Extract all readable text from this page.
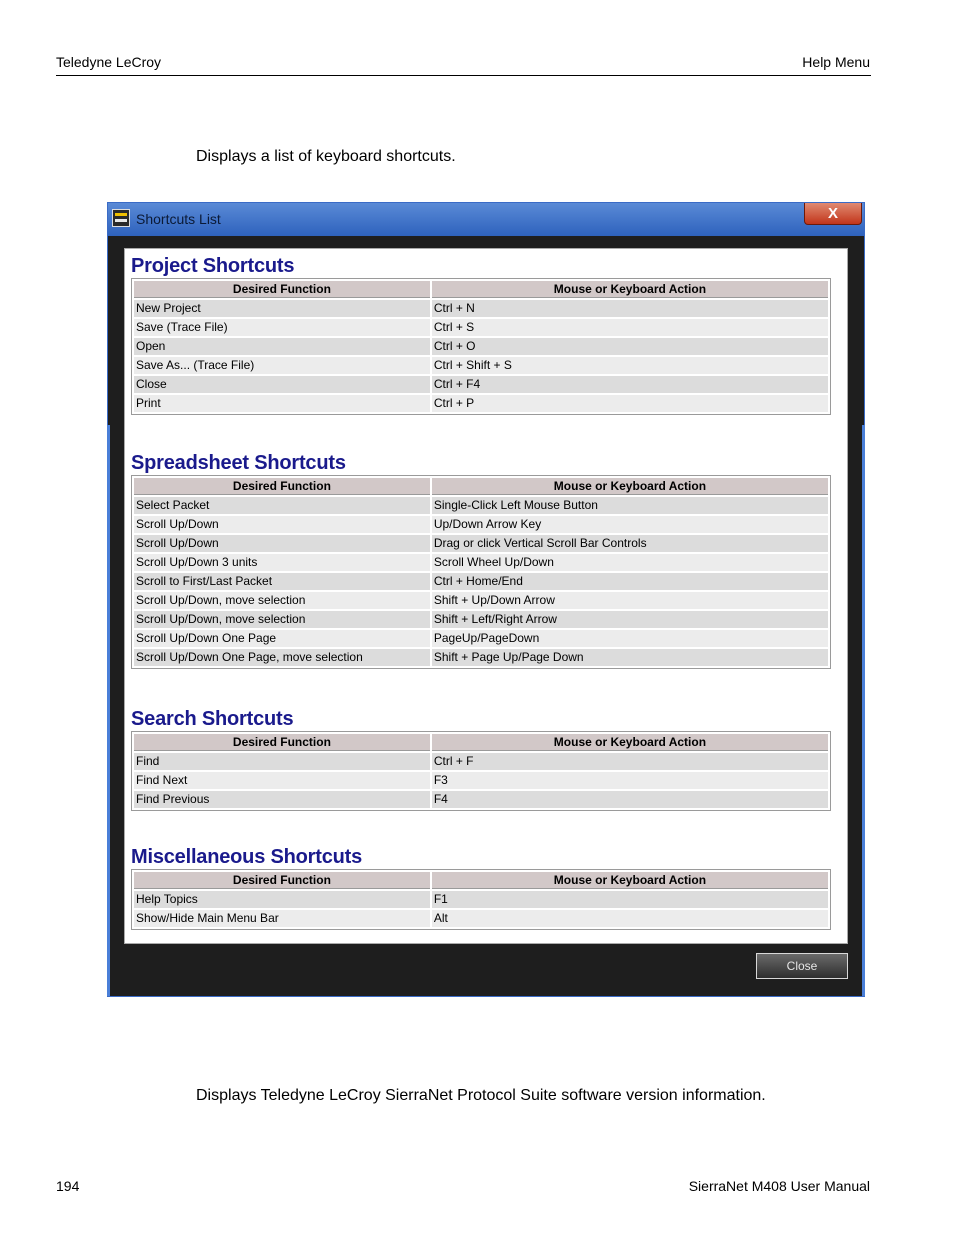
Teledyne LeCroy	Help Menu
Displays a list of keyboard shortcuts.
Shortcuts List	X
Project Shortcuts
Desired Function	Mouse or Keyboard Action
New Project	Ctrl + N
Save (Trace File)	Ctrl + S
Open	Ctrl + O
Save As... (Trace File)	Ctrl + Shift + S
Close	Ctrl + F4
Print	Ctrl + P
Spreadsheet Shortcuts
Desired Function	Mouse or Keyboard Action
Select Packet	Single-Click Left Mouse Button
Scroll Up/Down	Up/Down Arrow Key
Scroll Up/Down	Drag or click Vertical Scroll Bar Controls
Scroll Up/Down 3 units	Scroll Wheel Up/Down
Scroll to First/Last Packet	Ctrl + Home/End
Scroll Up/Down, move selection	Shift + Up/Down Arrow
Scroll Up/Down, move selection	Shift + Left/Right Arrow
Scroll Up/Down One Page	PageUp/PageDown
Scroll Up/Down One Page, move selection	Shift + Page Up/Page Down
Search Shortcuts
Desired Function	Mouse or Keyboard Action
Find	Ctrl + F
Find Next	F3
Find Previous	F4
Miscellaneous Shortcuts
Desired Function	Mouse or Keyboard Action
Help Topics	F1
Show/Hide Main Menu Bar	Alt
Close
Displays Teledyne LeCroy SierraNet Protocol Suite software version information.
194	SierraNet M408 User Manual
